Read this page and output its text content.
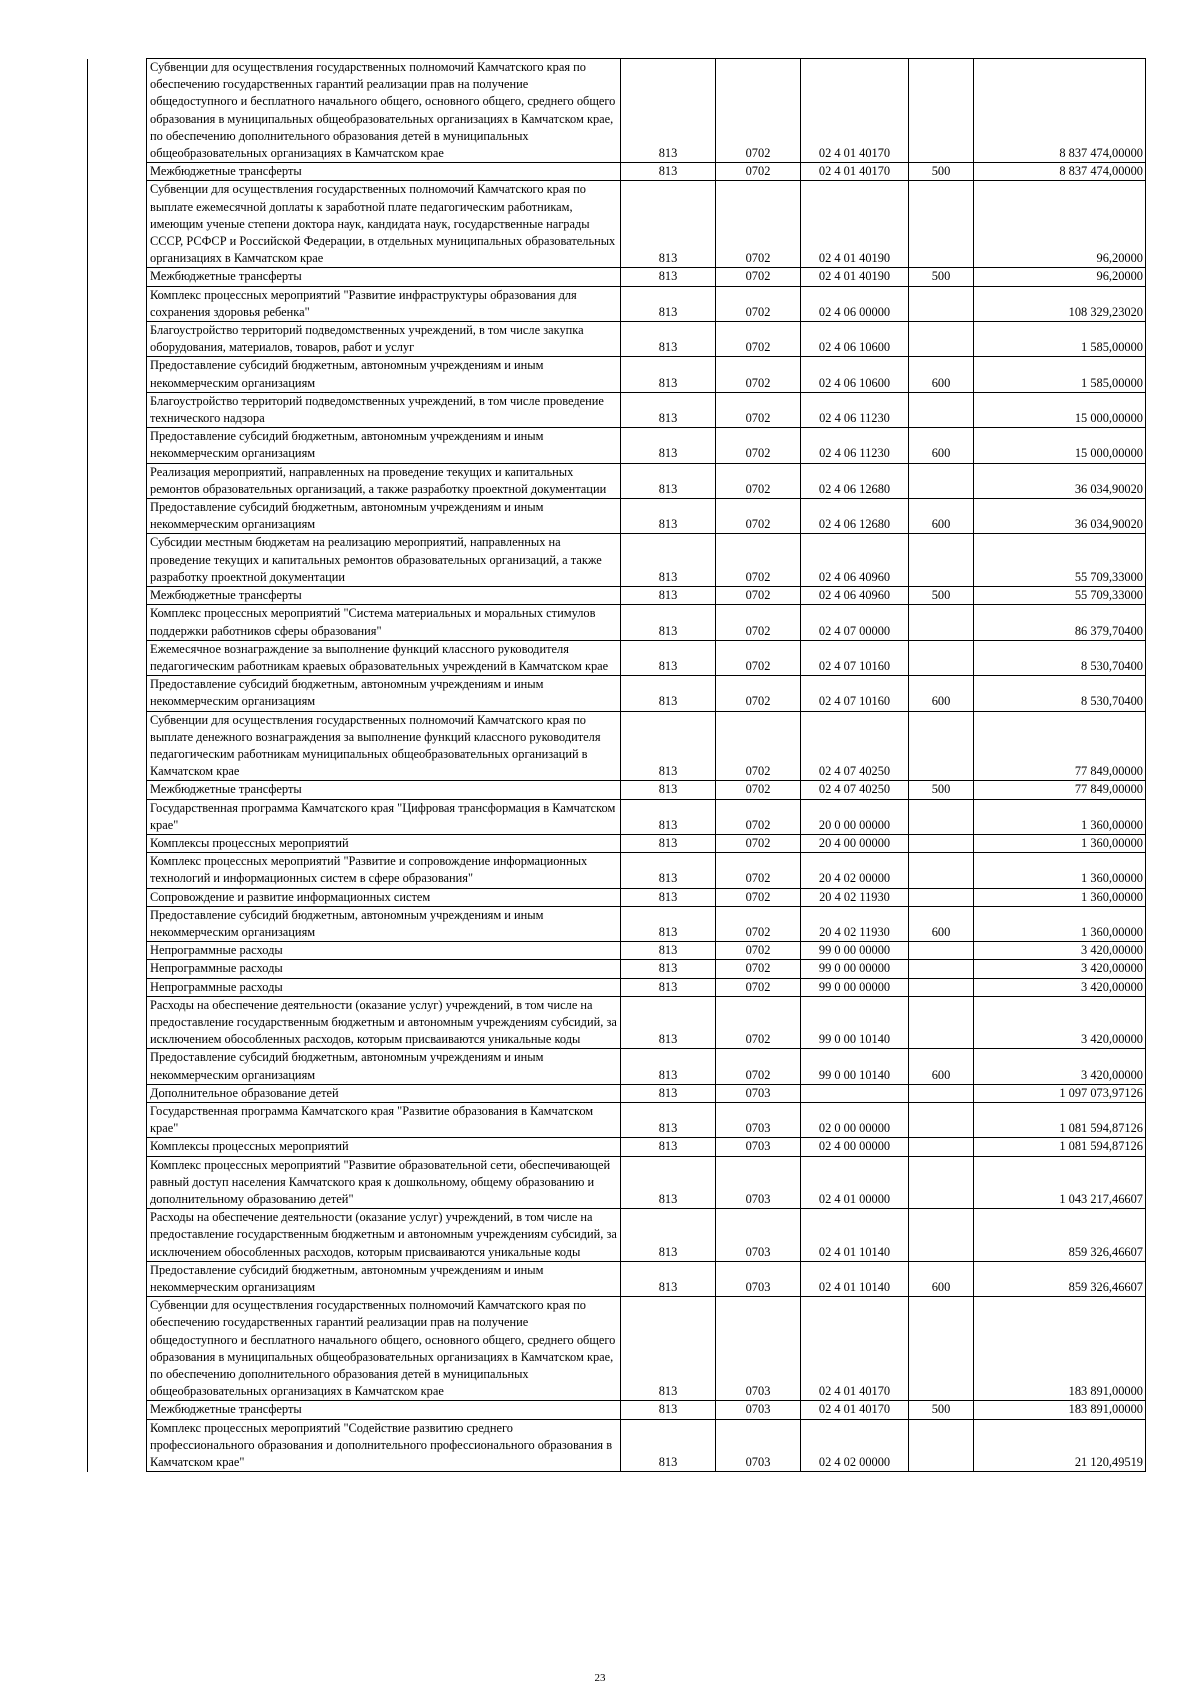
	Субвенции для осуществления государственных полномочий Камчатского края по обеспечению государственных гарантий реализации прав на получение общедоступного и бесплатного начального общего, основного общего, среднего общего образования в муниципальных общеобразовательных организациях в Камчатском крае, по обеспечению дополнительного образования детей в муниципальных общеобразовательных организациях в Камчатском крае	813	0702	02 4 01 40170		8 837 474,00000
	Межбюджетные трансферты	813	0702	02 4 01 40170	500	8 837 474,00000
	Субвенции для осуществления государственных полномочий Камчатского края по выплате ежемесячной доплаты к заработной плате педагогическим работникам, имеющим ученые степени доктора наук, кандидата наук, государственные награды СССР, РСФСР и Российской Федерации, в отдельных муниципальных образовательных организациях в Камчатском крае	813	0702	02 4 01 40190		96,20000
	Межбюджетные трансферты	813	0702	02 4 01 40190	500	96,20000
	Комплекс процессных мероприятий "Развитие инфраструктуры образования для сохранения здоровья ребенка"	813	0702	02 4 06 00000		108 329,23020
	Благоустройство территорий подведомственных учреждений, в том числе закупка оборудования, материалов, товаров, работ и услуг	813	0702	02 4 06 10600		1 585,00000
	Предоставление субсидий бюджетным, автономным учреждениям и иным некоммерческим организациям	813	0702	02 4 06 10600	600	1 585,00000
	Благоустройство территорий подведомственных учреждений, в том числе проведение технического надзора	813	0702	02 4 06 11230		15 000,00000
	Предоставление субсидий бюджетным, автономным учреждениям и иным некоммерческим организациям	813	0702	02 4 06 11230	600	15 000,00000
	Реализация мероприятий, направленных на проведение текущих и капитальных ремонтов образовательных организаций, а также разработку проектной документации	813	0702	02 4 06 12680		36 034,90020
	Предоставление субсидий бюджетным, автономным учреждениям и иным некоммерческим организациям	813	0702	02 4 06 12680	600	36 034,90020
	Субсидии местным бюджетам на реализацию мероприятий, направленных на проведение текущих и капитальных ремонтов образовательных организаций, а также разработку проектной документации	813	0702	02 4 06 40960		55 709,33000
	Межбюджетные трансферты	813	0702	02 4 06 40960	500	55 709,33000
	Комплекс процессных мероприятий "Система материальных и моральных стимулов поддержки работников сферы образования"	813	0702	02 4 07 00000		86 379,70400
	Ежемесячное вознаграждение за выполнение функций классного руководителя педагогическим работникам краевых образовательных учреждений в Камчатском крае	813	0702	02 4 07 10160		8 530,70400
	Предоставление субсидий бюджетным, автономным учреждениям и иным некоммерческим организациям	813	0702	02 4 07 10160	600	8 530,70400
	Субвенции для осуществления государственных полномочий Камчатского края по выплате денежного вознаграждения за выполнение функций классного руководителя педагогическим работникам муниципальных общеобразовательных организаций в Камчатском крае	813	0702	02 4 07 40250		77 849,00000
	Межбюджетные трансферты	813	0702	02 4 07 40250	500	77 849,00000
	Государственная программа Камчатского края "Цифровая трансформация в Камчатском крае"	813	0702	20 0 00 00000		1 360,00000
	Комплексы процессных мероприятий	813	0702	20 4 00 00000		1 360,00000
	Комплекс процессных мероприятий "Развитие и сопровождение информационных технологий и информационных систем в сфере образования"	813	0702	20 4 02 00000		1 360,00000
	Сопровождение и развитие информационных систем	813	0702	20 4 02 11930		1 360,00000
	Предоставление субсидий бюджетным, автономным учреждениям и иным некоммерческим организациям	813	0702	20 4 02 11930	600	1 360,00000
	Непрограммные расходы	813	0702	99 0 00 00000		3 420,00000
	Непрограммные расходы	813	0702	99 0 00 00000		3 420,00000
	Непрограммные расходы	813	0702	99 0 00 00000		3 420,00000
	Расходы на обеспечение деятельности (оказание услуг) учреждений, в том числе на предоставление государственным бюджетным и автономным учреждениям субсидий, за исключением обособленных расходов, которым присваиваются уникальные коды	813	0702	99 0 00 10140		3 420,00000
	Предоставление субсидий бюджетным, автономным учреждениям и иным некоммерческим организациям	813	0702	99 0 00 10140	600	3 420,00000
	Дополнительное образование детей	813	0703			1 097 073,97126
	Государственная программа Камчатского края "Развитие образования в Камчатском крае"	813	0703	02 0 00 00000		1 081 594,87126
	Комплексы процессных мероприятий	813	0703	02 4 00 00000		1 081 594,87126
	Комплекс процессных мероприятий "Развитие образовательной сети, обеспечивающей равный доступ населения Камчатского края к дошкольному, общему образованию и дополнительному образованию детей"	813	0703	02 4 01 00000		1 043 217,46607
	Расходы на обеспечение деятельности (оказание услуг) учреждений, в том числе на предоставление государственным бюджетным и автономным учреждениям субсидий, за исключением обособленных расходов, которым присваиваются уникальные коды	813	0703	02 4 01 10140		859 326,46607
	Предоставление субсидий бюджетным, автономным учреждениям и иным некоммерческим организациям	813	0703	02 4 01 10140	600	859 326,46607
	Субвенции для осуществления государственных полномочий Камчатского края по обеспечению государственных гарантий реализации прав на получение общедоступного и бесплатного начального общего, основного общего, среднего общего образования в муниципальных общеобразовательных организациях в Камчатском крае, по обеспечению дополнительного образования детей в муниципальных общеобразовательных организациях в Камчатском крае	813	0703	02 4 01 40170		183 891,00000
	Межбюджетные трансферты	813	0703	02 4 01 40170	500	183 891,00000
	Комплекс процессных мероприятий "Содействие развитию среднего профессионального образования и дополнительного профессионального образования в Камчатском крае"	813	0703	02 4 02 00000		21 120,49519
23
